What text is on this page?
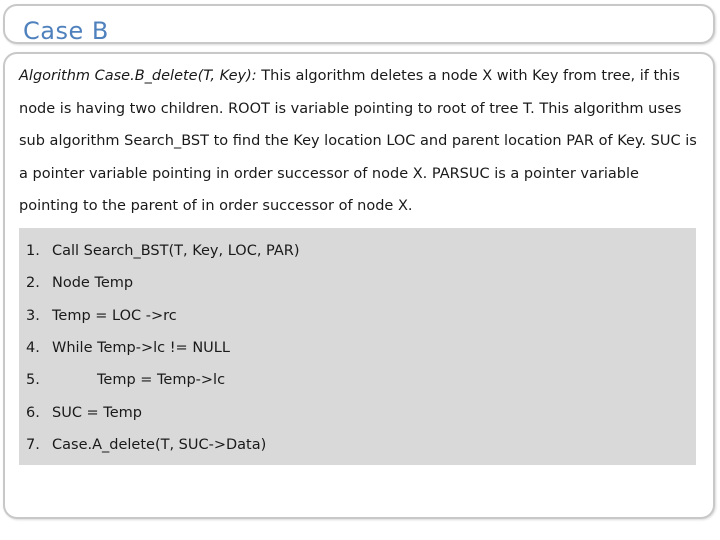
Case B
Algorithm Case.B_delete(T, Key): This algorithm deletes a node X with Key from tree, if this node is having two children. ROOT is variable pointing to root of tree T. This algorithm uses sub algorithm Search_BST to find the Key location LOC and parent location PAR of Key. SUC is a pointer variable pointing in order successor of node X. PARSUC is a pointer variable pointing to the parent of in order successor of node X.
1. Call Search_BST(T, Key, LOC, PAR)
2. Node Temp
3. Temp = LOC ->rc
4. While Temp->lc != NULL
5.	Temp = Temp->lc
6. SUC = Temp
7. Case.A_delete(T, SUC->Data)
